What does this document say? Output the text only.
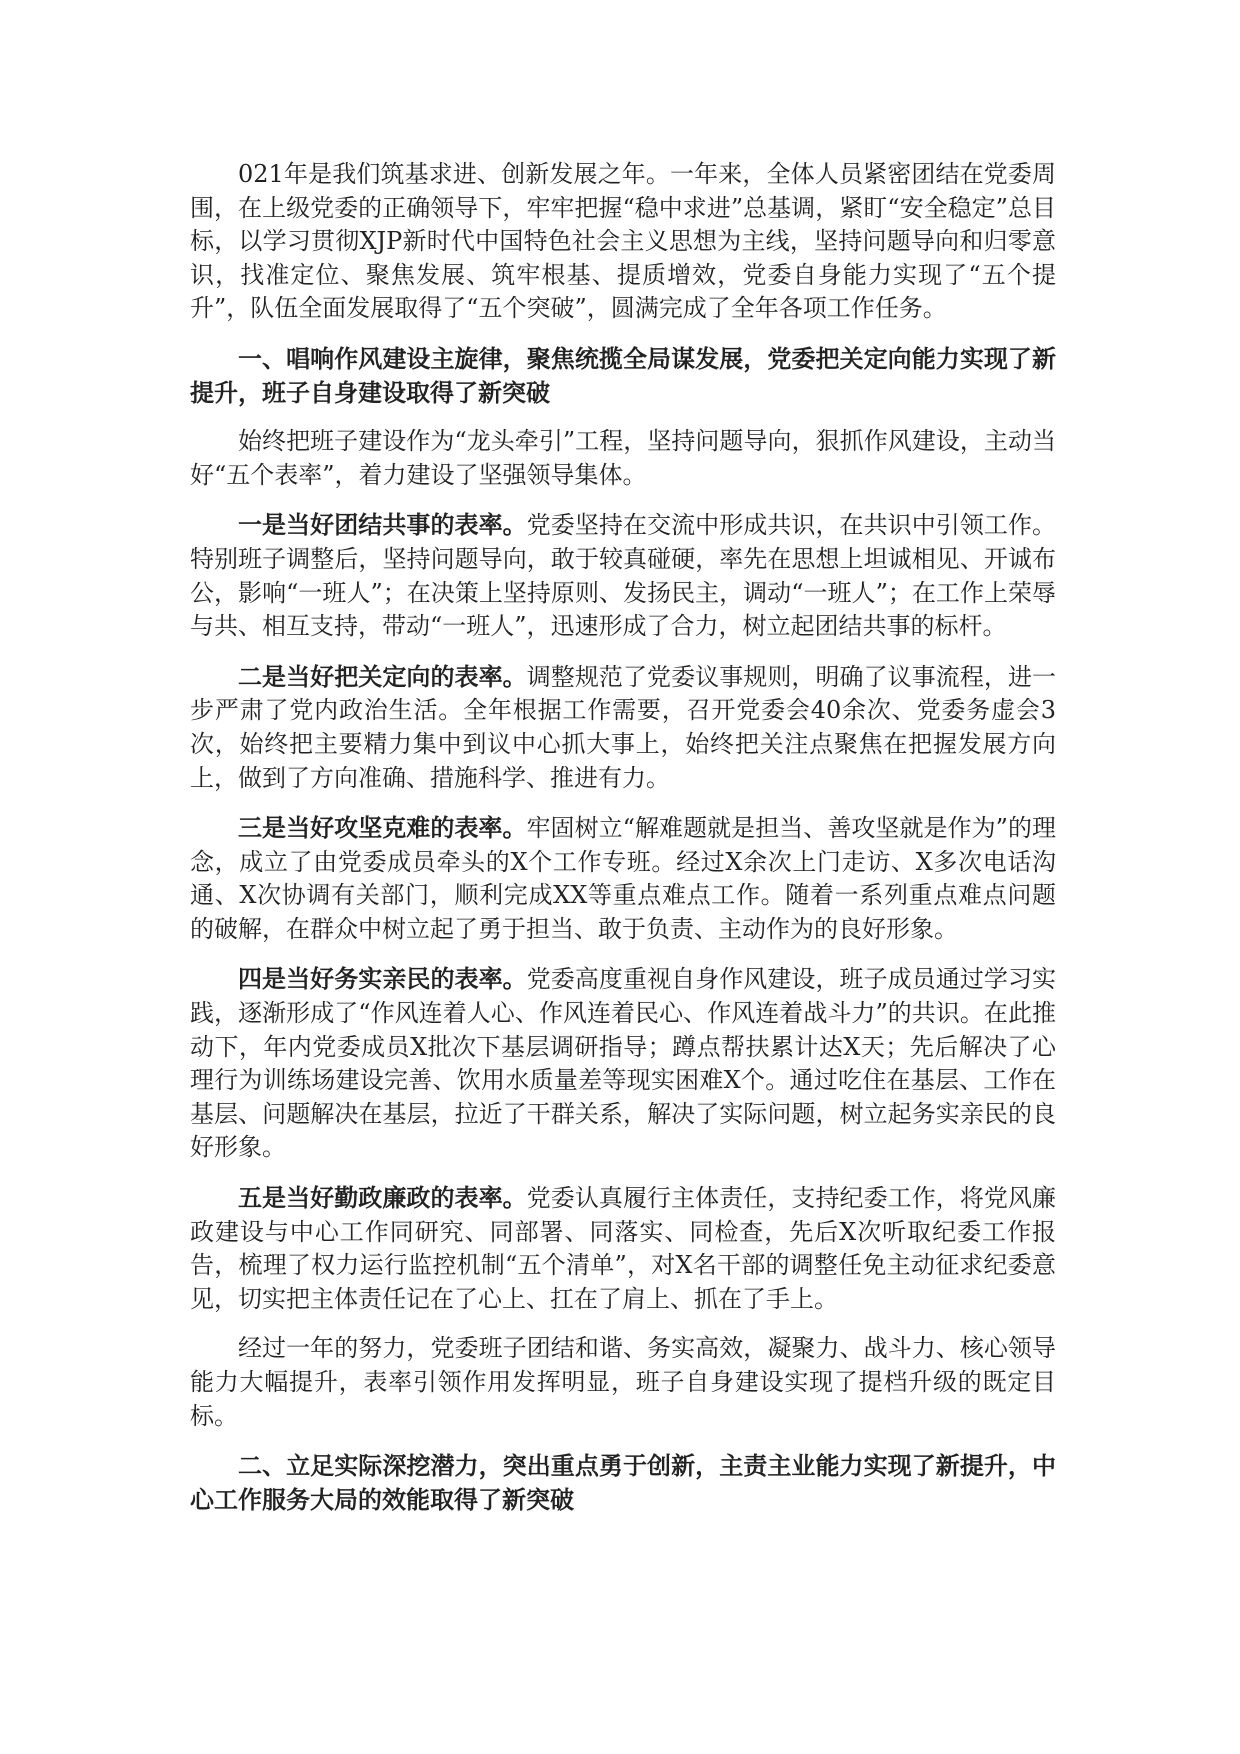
021年是我们筑基求进、创新发展之年。一年来，全体人员紧密团结在党委周围，在上级党委的正确领导下，牢牢把握“稳中求进”总基调，紧盯“安全稳定”总目标，以学习贯彻XJP新时代中国特色社会主义思想为主线，坚持问题导向和归零意识，找准定位、聚焦发展、筑牢根基、提质增效，党委自身能力实现了“五个提升”，队伍全面发展取得了“五个突破”，圆满完成了全年各项工作任务。

一、唱响作风建设主旋律，聚焦统揽全局谋发展，党委把关定向能力实现了新提升，班子自身建设取得了新突破

始终把班子建设作为“龙头牵引”工程，坚持问题导向，狠抓作风建设，主动当好“五个表率”，着力建设了坚强领导集体。

一是当好团结共事的表率。党委坚持在交流中形成共识，在共识中引领工作。特别班子调整后，坚持问题导向，敢于较真碰硬，率先在思想上坦诚相见、开诚布公，影响“一班人”；在决策上坚持原则、发扬民主，调动“一班人”；在工作上荣辱与共、相互支持，带动“一班人”，迅速形成了合力，树立起团结共事的标杆。

二是当好把关定向的表率。调整规范了党委议事规则，明确了议事流程，进一步严肃了党内政治生活。全年根据工作需要，召开党委会40余次、党委务虚会3次，始终把主要精力集中到议中心抓大事上，始终把关注点聚焦在把握发展方向上，做到了方向准确、措施科学、推进有力。

三是当好攻坚克难的表率。牢固树立“解难题就是担当、善攻坚就是作为”的理念，成立了由党委成员牵头的X个工作专班。经过X余次上门走访、X多次电话沟通、X次协调有关部门，顺利完成XX等重点难点工作。随着一系列重点难点问题的破解，在群众中树立起了勇于担当、敢于负责、主动作为的良好形象。

四是当好务实亲民的表率。党委高度重视自身作风建设，班子成员通过学习实践，逐渐形成了“作风连着人心、作风连着民心、作风连着战斗力”的共识。在此推动下，年内党委成员X批次下基层调研指导；蹲点帮扶累计达X天；先后解决了心理行为训练场建设完善、饮用水质量差等现实困难X个。通过吃住在基层、工作在基层、问题解决在基层，拉近了干群关系，解决了实际问题，树立起务实亲民的良好形象。

五是当好勤政廉政的表率。党委认真履行主体责任，支持纪委工作，将党风廉政建设与中心工作同研究、同部署、同落实、同检查，先后X次听取纪委工作报告，梳理了权力运行监控机制“五个清单”，对X名干部的调整任免主动征求纪委意见，切实把主体责任记在了心上、扛在了肩上、抓在了手上。

经过一年的努力，党委班子团结和谐、务实高效，凝聚力、战斗力、核心领导能力大幅提升，表率引领作用发挥明显，班子自身建设实现了提档升级的既定目标。

二、立足实际深挖潜力，突出重点勇于创新，主责主业能力实现了新提升，中心工作服务大局的效能取得了新突破
